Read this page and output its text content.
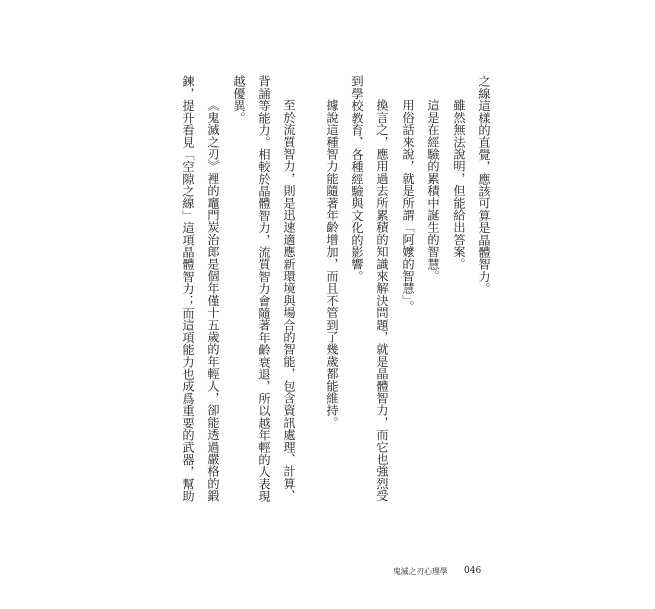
之線這樣的直覺，應該可算是晶體智力。
雖然無法說明，但能給出答案。
這是在經驗的累積中誕生的智慧。
用俗話來說，就是所謂「阿嬤的智慧」。
換言之，應用過去所累積的知識來解決問題，就是晶體智力，而它也強烈受
到學校教育、各種經驗與文化的影響。
據說這種智力能隨著年齡增加，而且不管到了幾歲都能維持。
至於流質智力，則是迅速適應新環境與場合的智能，包含資訊處理、計算、
背誦等能力。相較於晶體智力，流質智力會隨著年齡衰退，所以越年輕的人表現
越優異。
《鬼滅之刃》裡的竈門炭治郎是個年僅十五歲的年輕人，卻能透過嚴格的鍛
鍊，提升看見「空隙之線」這項晶體智力；而這項能力也成爲重要的武器，幫助
鬼滅之刃心理學 046
